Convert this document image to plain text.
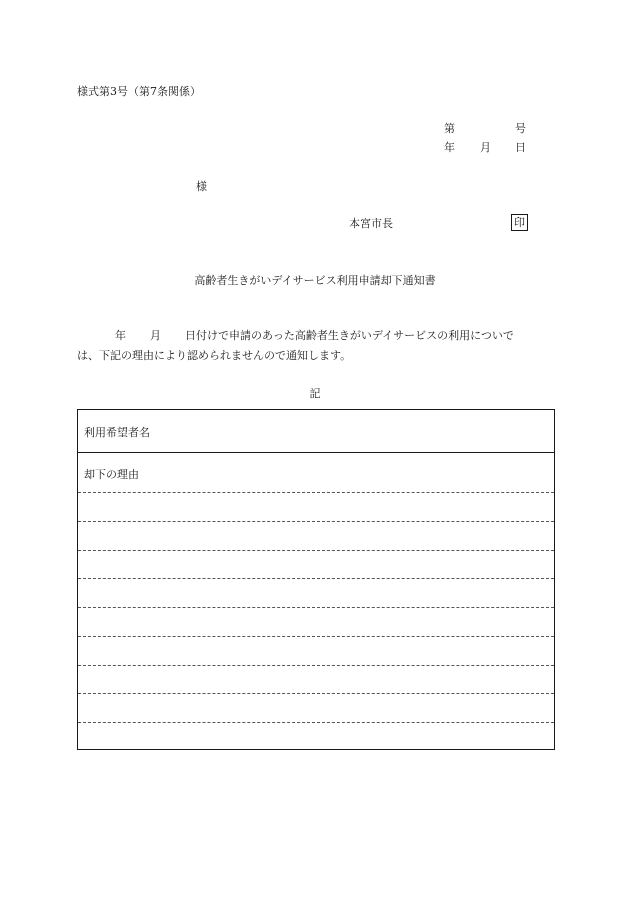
様式第3号（第7条関係）
第	号
年 月 日
様
本宮市長	印
高齢者生きがいデイサービス利用申請却下通知書
年 月 日付けで申請のあった高齢者生きがいデイサービスの利用についで
は、下記の理由により認められませんので通知します。
記
利用希望者名
却下の理由
